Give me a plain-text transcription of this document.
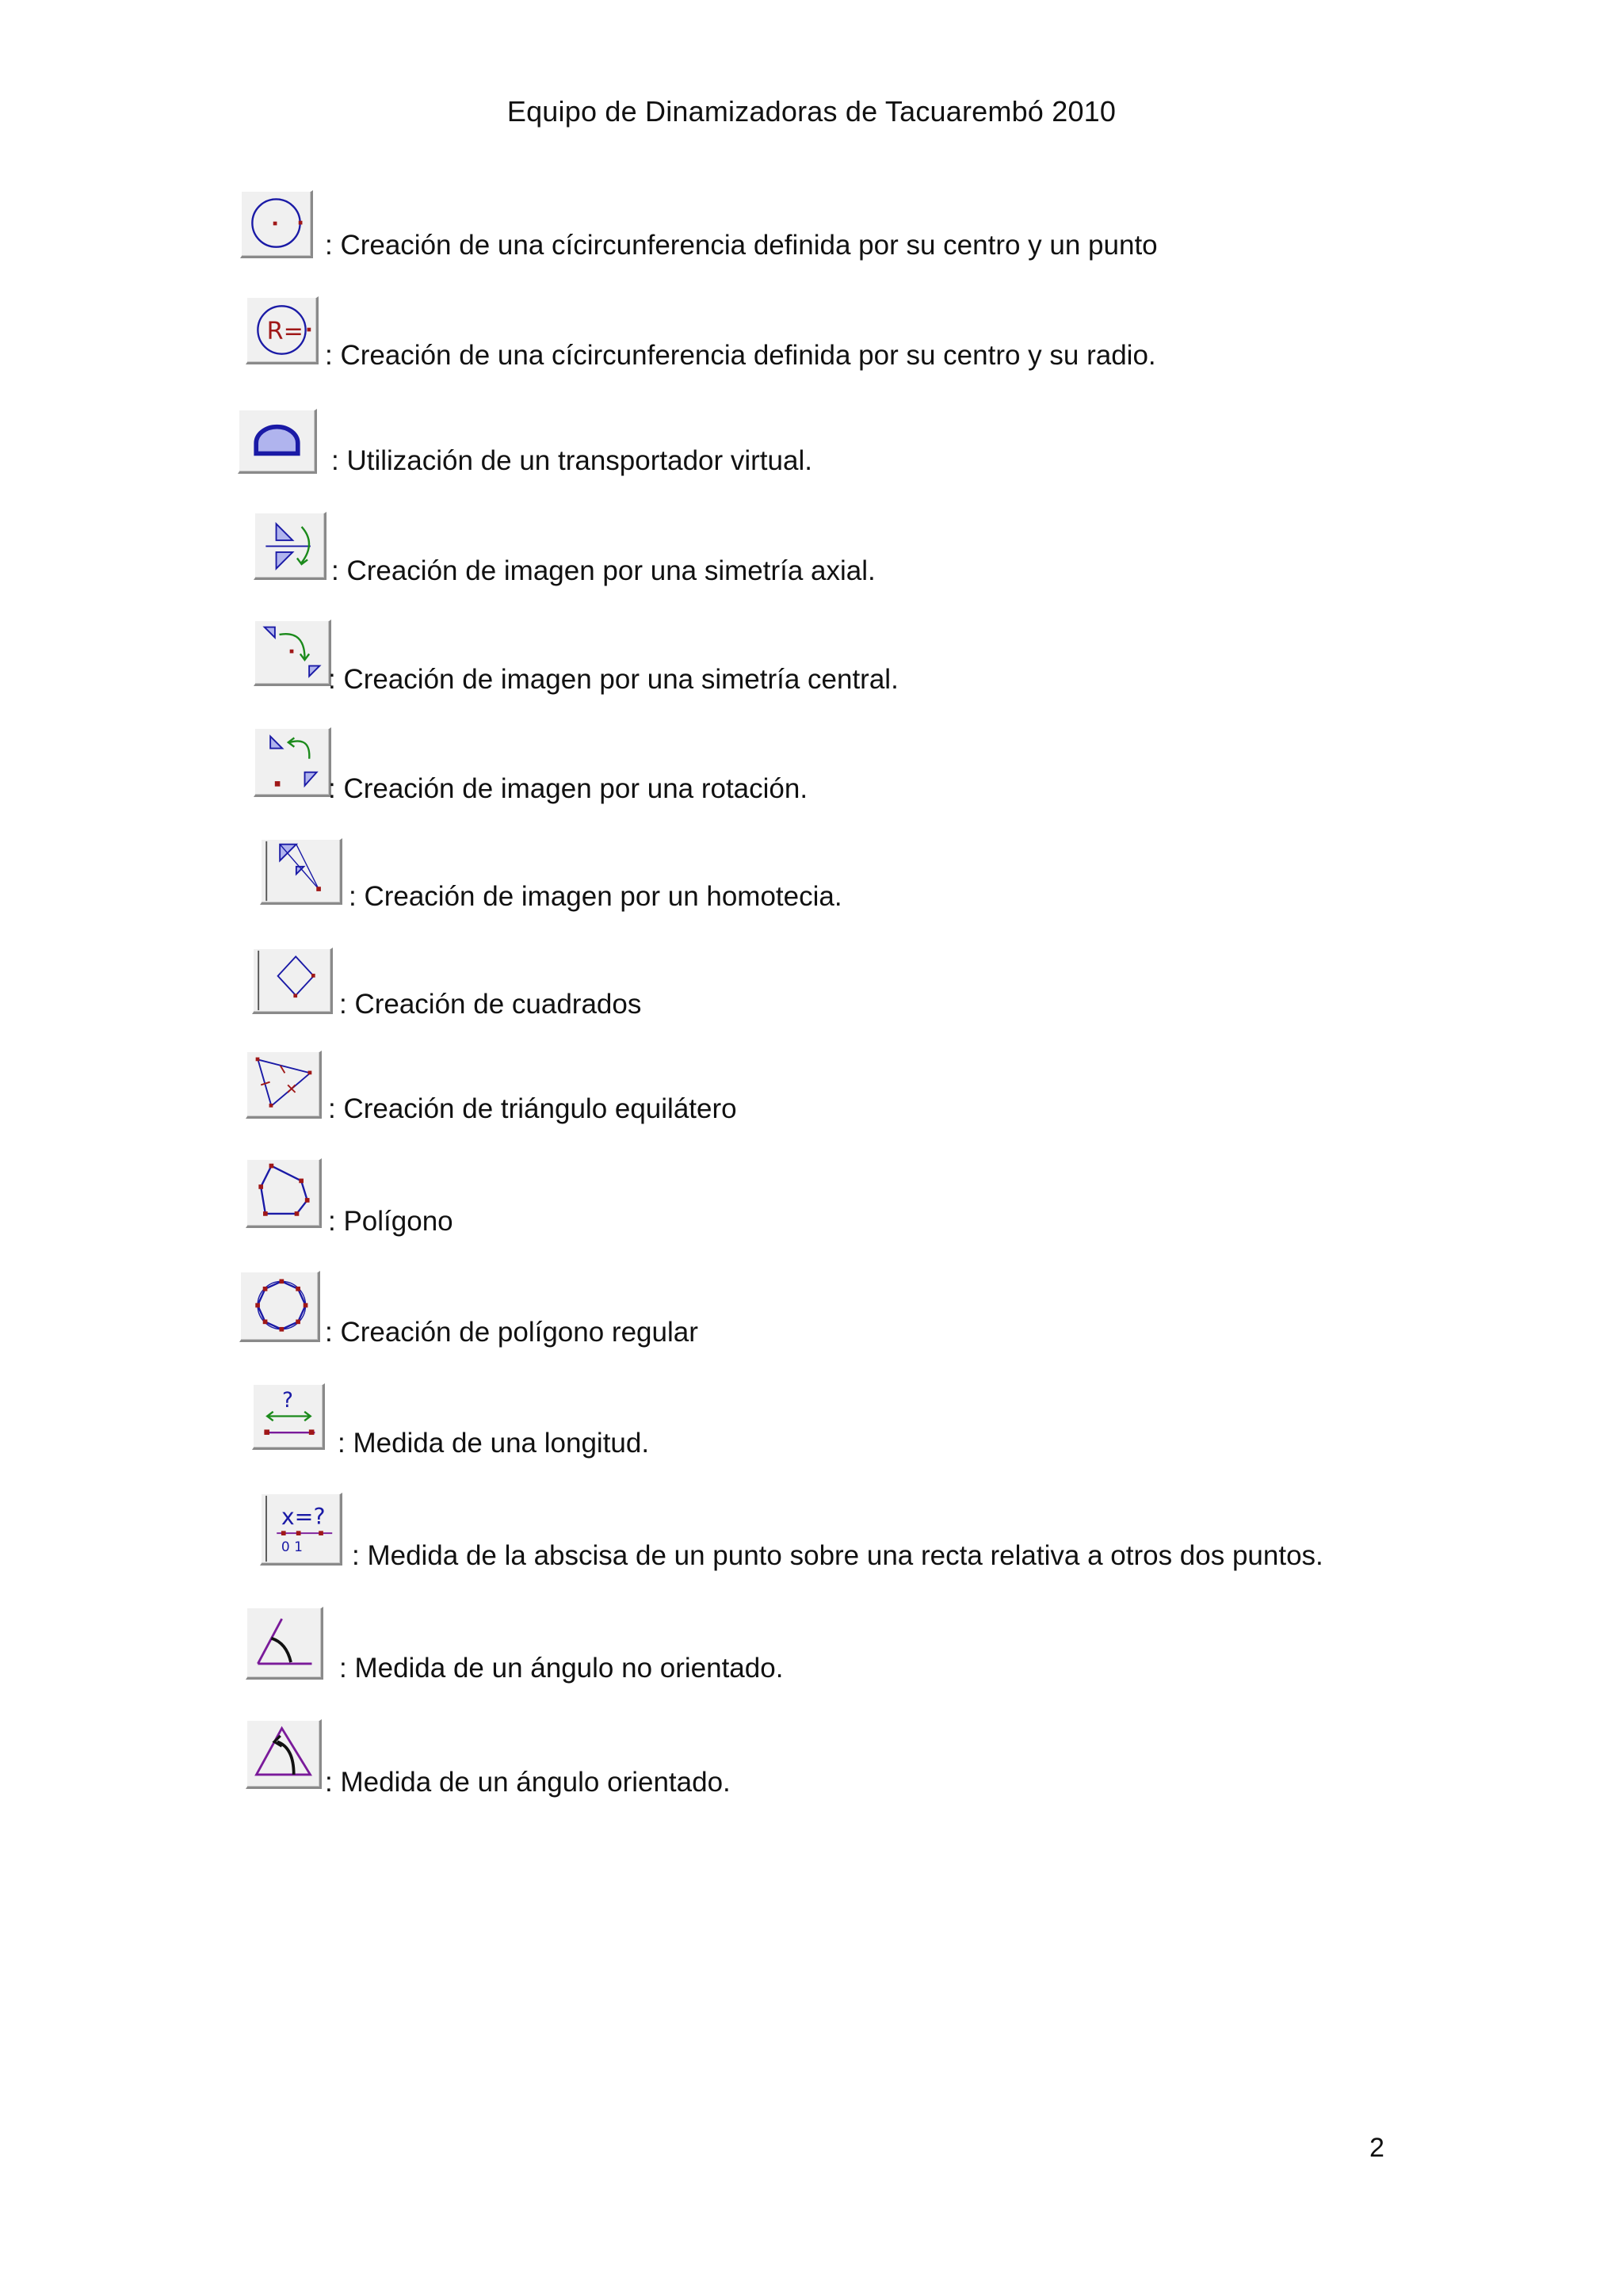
Equipo de Dinamizadoras de Tacuarembó 2010
: Creación de una cícircunferencia definida por su centro y un punto
R=
: Creación de una cícircunferencia definida por su centro y su radio.
: Utilización de un transportador virtual.
: Creación de imagen por una simetría axial.
: Creación de imagen por una simetría central.
: Creación de imagen por una rotación.
: Creación de imagen por un homotecia.
: Creación de cuadrados
: Creación de triángulo equilátero
: Polígono
: Creación de polígono regular
?
: Medida de una longitud.
x=?
0 1 : Medida de la abscisa de un punto sobre una recta relativa a otros dos puntos.
: Medida de un ángulo no orientado.
: Medida de un ángulo orientado.
2
